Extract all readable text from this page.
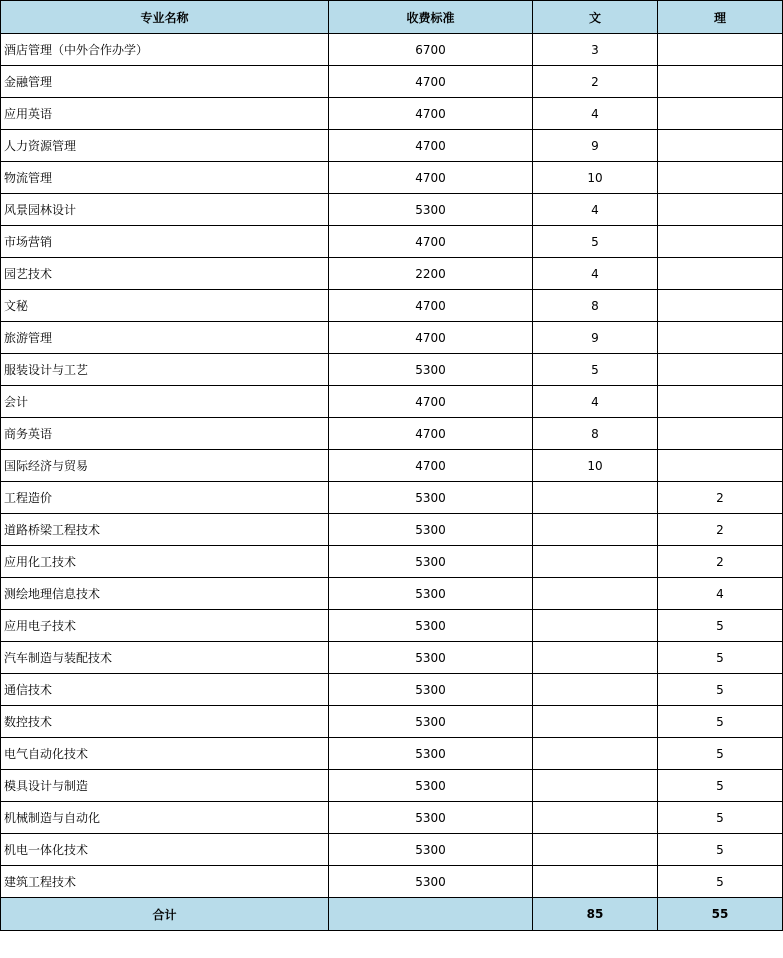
专业名称	收费标准	文	理
酒店管理（中外合作办学）	6700	3	
金融管理	4700	2	
应用英语	4700	4	
人力资源管理	4700	9	
物流管理	4700	10	
风景园林设计	5300	4	
市场营销	4700	5	
园艺技术	2200	4	
文秘	4700	8	
旅游管理	4700	9	
服装设计与工艺	5300	5	
会计	4700	4	
商务英语	4700	8	
国际经济与贸易	4700	10	
工程造价	5300		2
道路桥梁工程技术	5300		2
应用化工技术	5300		2
测绘地理信息技术	5300		4
应用电子技术	5300		5
汽车制造与装配技术	5300		5
通信技术	5300		5
数控技术	5300		5
电气自动化技术	5300		5
模具设计与制造	5300		5
机械制造与自动化	5300		5
机电一体化技术	5300		5
建筑工程技术	5300		5
合计		85	55
